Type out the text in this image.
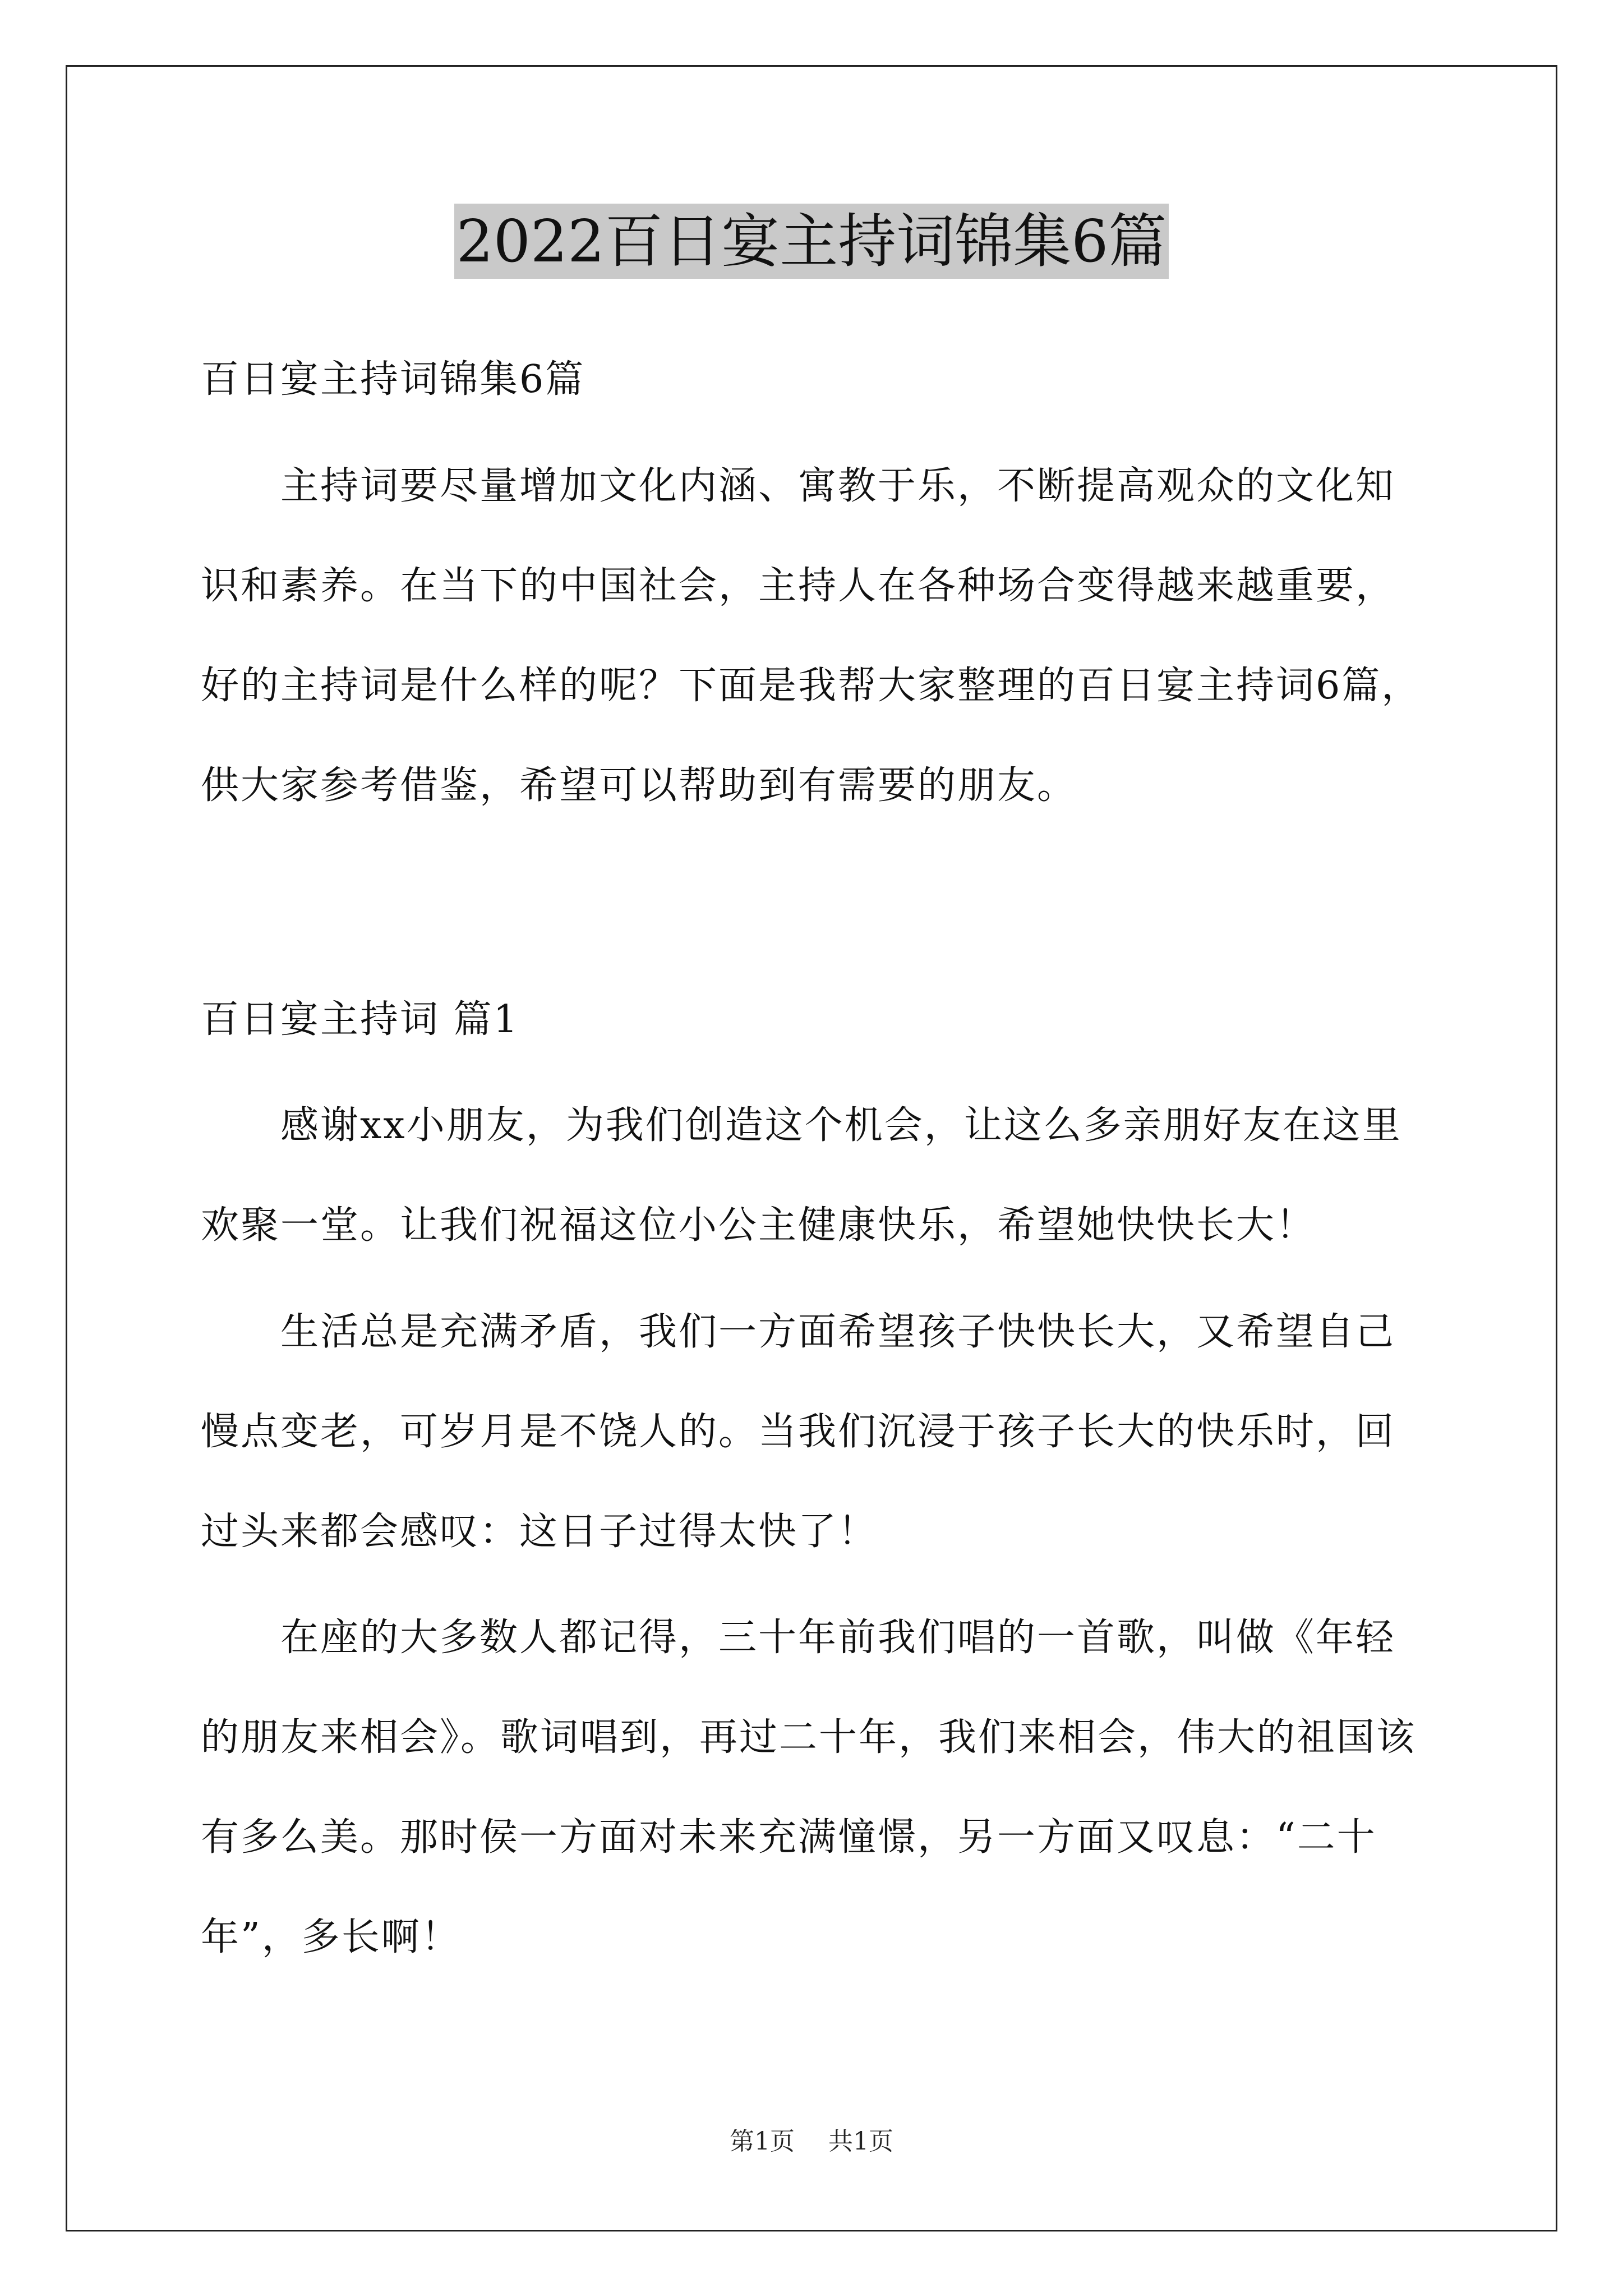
2022百日宴主持词锦集6篇
百日宴主持词锦集6篇
主持词要尽量增加文化内涵、寓教于乐，不断提高观众的文化知
识和素养。在当下的中国社会，主持人在各种场合变得越来越重要，
好的主持词是什么样的呢？下面是我帮大家整理的百日宴主持词6篇，
供大家参考借鉴，希望可以帮助到有需要的朋友。
百日宴主持词 篇1
感谢xx小朋友，为我们创造这个机会，让这么多亲朋好友在这里
欢聚一堂。让我们祝福这位小公主健康快乐，希望她快快长大！
生活总是充满矛盾，我们一方面希望孩子快快长大，又希望自己
慢点变老，可岁月是不饶人的。当我们沉浸于孩子长大的快乐时，回
过头来都会感叹：这日子过得太快了！
在座的大多数人都记得，三十年前我们唱的一首歌，叫做《年轻
的朋友来相会》。歌词唱到，再过二十年，我们来相会，伟大的祖国该
有多么美。那时侯一方面对未来充满憧憬，另一方面又叹息：“二十
年”，多长啊！
第1页 共1页
